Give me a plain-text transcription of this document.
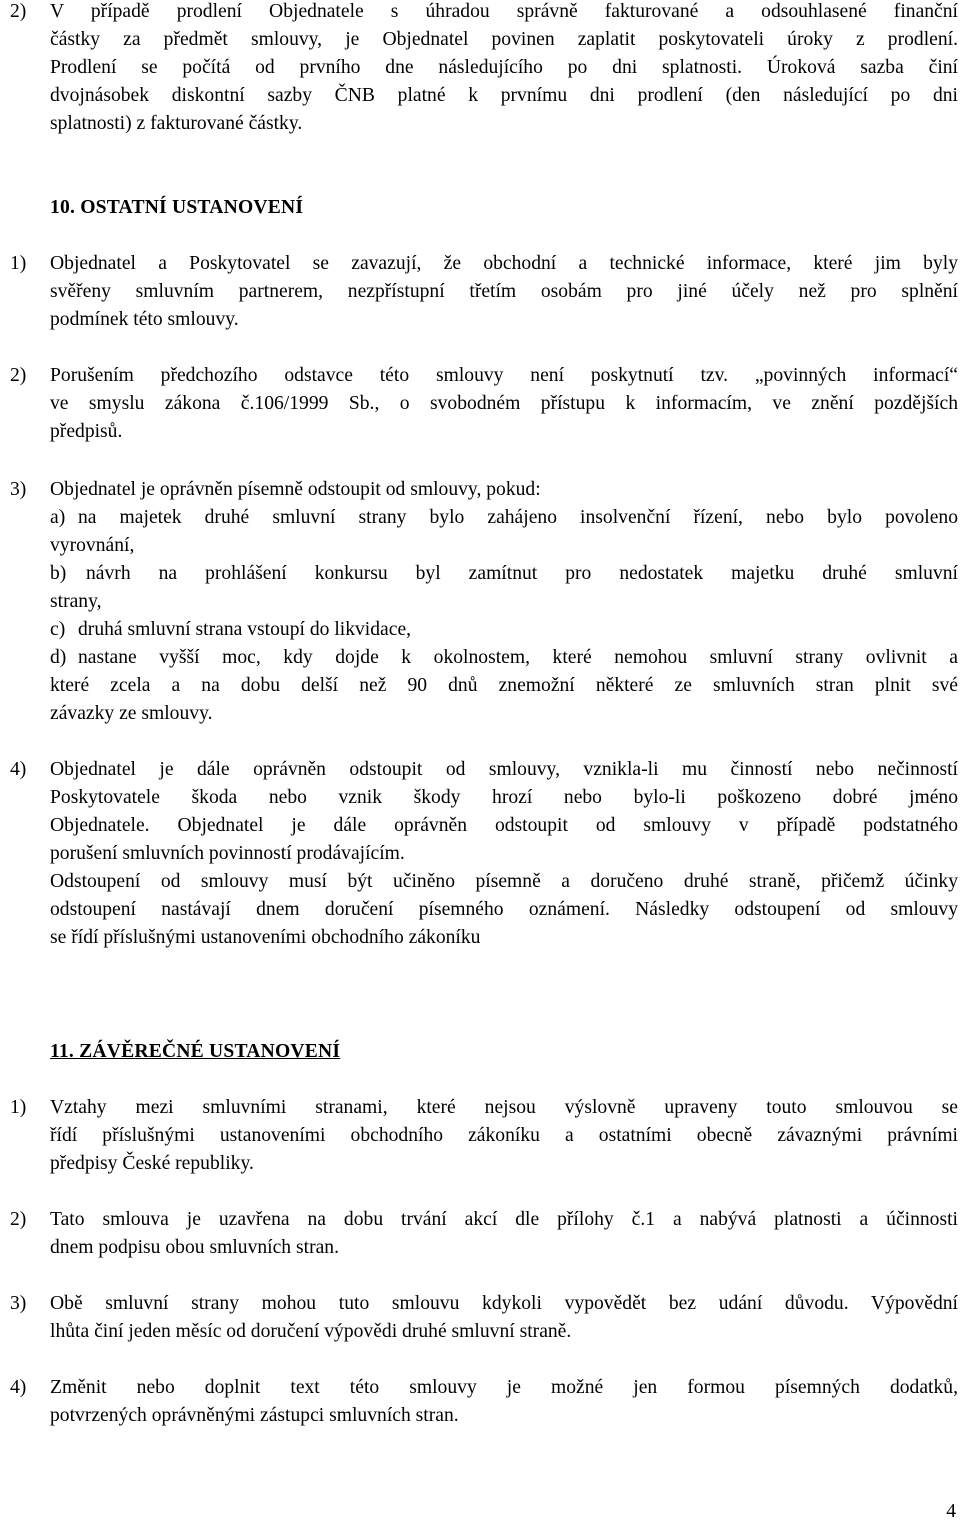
2) V případě prodlení Objednatele s úhradou správně fakturované a odsouhlasené finanční
částky za předmět smlouvy, je Objednatel povinen zaplatit poskytovateli úroky z prodlení.
Prodlení se počítá od prvního dne následujícího po dni splatnosti. Úroková sazba činí
dvojnásobek diskontní sazby ČNB platné k prvnímu dni prodlení (den následující po dni
splatnosti) z fakturované částky.
10. OSTATNÍ USTANOVENÍ
1) Objednatel a Poskytovatel se zavazují, že obchodní a technické informace, které jim byly
svěřeny smluvním partnerem, nezpřístupní třetím osobám pro jiné účely než pro splnění
podmínek této smlouvy.
2) Porušením předchozího odstavce této smlouvy není poskytnutí tzv. „povinných informací“
ve smyslu zákona č.106/1999 Sb., o svobodném přístupu k informacím, ve znění pozdějších
předpisů.
3) Objednatel je oprávněn písemně odstoupit od smlouvy, pokud:
a) na majetek druhé smluvní strany bylo zahájeno insolvenční řízení, nebo bylo povoleno
vyrovnání,
b) návrh na prohlášení konkursu byl zamítnut pro nedostatek majetku druhé smluvní
strany,
c) druhá smluvní strana vstoupí do likvidace,
d) nastane vyšší moc, kdy dojde k okolnostem, které nemohou smluvní strany ovlivnit a
které zcela a na dobu delší než 90 dnů znemožní některé ze smluvních stran plnit své
závazky ze smlouvy.
4) Objednatel je dále oprávněn odstoupit od smlouvy, vznikla-li mu činností nebo nečinností
Poskytovatele škoda nebo vznik škody hrozí nebo bylo-li poškozeno dobré jméno
Objednatele. Objednatel je dále oprávněn odstoupit od smlouvy v případě podstatného
porušení smluvních povinností prodávajícím.
Odstoupení od smlouvy musí být učiněno písemně a doručeno druhé straně, přičemž účinky
odstoupení nastávají dnem doručení písemného oznámení. Následky odstoupení od smlouvy
se řídí příslušnými ustanoveními obchodního zákoníku
11. ZÁVĚREČNÉ USTANOVENÍ
1) Vztahy mezi smluvními stranami, které nejsou výslovně upraveny touto smlouvou se
řídí příslušnými ustanoveními obchodního zákoníku a ostatními obecně závaznými právními
předpisy České republiky.
2) Tato smlouva je uzavřena na dobu trvání akcí dle přílohy č.1 a nabývá platnosti a účinnosti
dnem podpisu obou smluvních stran.
3) Obě smluvní strany mohou tuto smlouvu kdykoli vypovědět bez udání důvodu. Výpovědní
lhůta činí jeden měsíc od doručení výpovědi druhé smluvní straně.
4) Změnit nebo doplnit text této smlouvy je možné jen formou písemných dodatků,
potvrzených oprávněnými zástupci smluvních stran.
4
